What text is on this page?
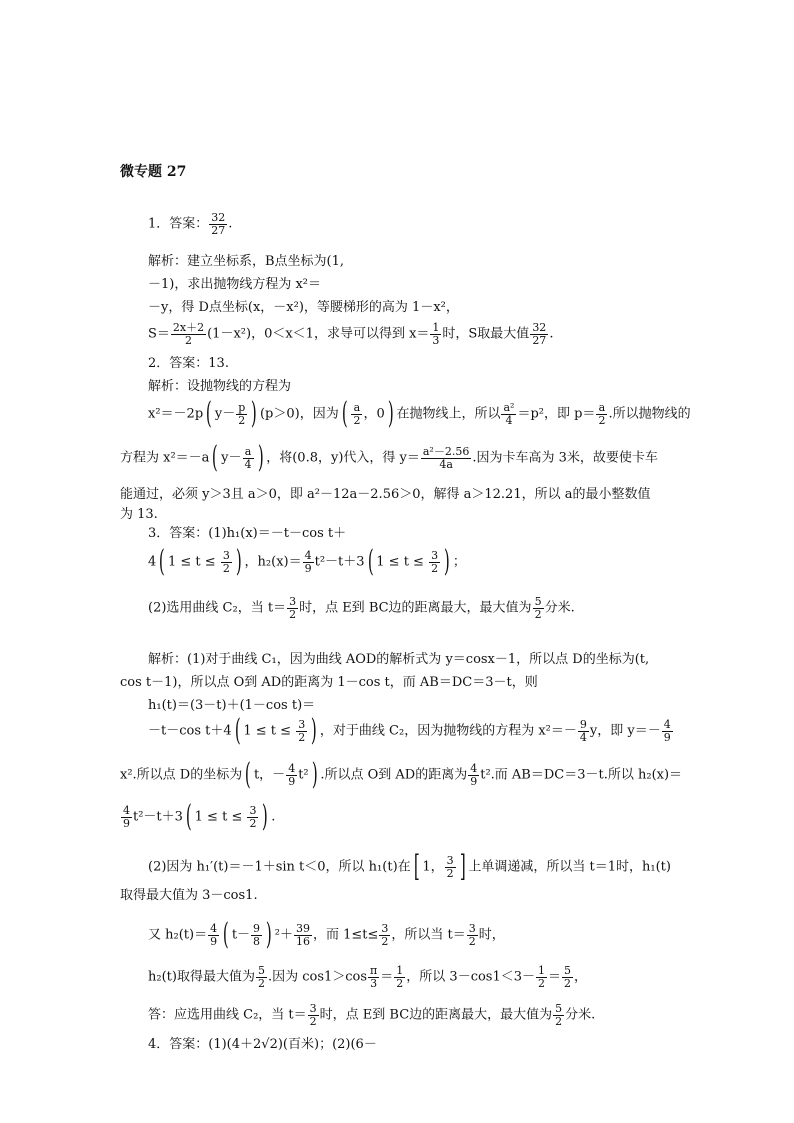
微专题 27
1．答案： $\frac{32}{27}$ .
解析：建立坐标系，B点坐标为(1,
－1)，求出抛物线方程为 x²＝
－y，得 D点坐标(x，－x²)，等腰梯形的高为 1－x²，
$S= \frac{2x+2}{2} (1-x^2)$，0＜x＜1，求导可以得到 $x= \frac{1}{3}$ 时，S取最大值 $\frac{32}{27}$ .
2．答案：13.
解析：设抛物线的方程为
x²＝－2p( $y- \frac{p}{2}$ ) (p＞0)，因为( $\frac{a}{2}$ ，0) 在抛物线上，所以 $\frac{\text{a²}}{4} =p^2$，即 $p= \frac{a}{2}$ .所以抛物线的
方程为 x²＝－a( $y- \frac{a}{4}$ ) ，将(0.8，y)代入，得 $y= \frac{\text{a²－2.56}}{4a}$ .因为卡车高为 3米，故要使卡车
能通过，必须 y＞3且 a＞0，即 a²－12a－2.56＞0，解得 a＞12.21，所以 a的最小整数值
为 13.
3．答案：(1)h₁(x)＝－t－cos t＋
4( $1 \le t \le \frac{3}{2}$ ) ，$h_2(x)= \frac{4}{9} t^2-t+3$( $1 \le t \le \frac{3}{2}$ ) ；
(2)选用曲线 C₂，当 $t= \frac{3}{2}$ 时，点 E到 BC边的距离最大，最大值为 $\frac{5}{2}$ 分米.
解析：(1)对于曲线 C₁，因为曲线 AOD的解析式为 y＝cosx－1，所以点 D的坐标为(t,
cos t－1)，所以点 O到 AD的距离为 1－cos t，而 AB＝DC＝3－t，则
h₁(t)＝(3－t)＋(1－cos t)＝
－t－cos t＋4( $1 \le t \le \frac{3}{2}$ ) ，对于曲线 C₂，因为抛物线的方程为 $x^2=- \frac{9}{4}$ y，即 $y=- \frac{4}{9}$
x².所以点 D的坐标为( t，－ $\frac{4}{9} t^2$) .所以点 O到 AD的距离为 $\frac{4}{9} t^2$.而 AB＝DC＝3－t.所以 h₂(x)＝
$\frac{4}{9} t^2-t+3$( $1 \le t \le \frac{3}{2}$ ) .
(2)因为 h₁′(t)＝－1＋sin t＜0，所以 h₁(t)在[ 1， $\frac{3}{2}$ ] 上单调递减，所以当 t＝1时，h₁(t)
取得最大值为 3－cos1.
又 $h_2(t)= \frac{4}{9}$ ( $t- \frac{9}{8}$ ) $^2+ \frac{39}{16}$ ，而 $1\le t\le \frac{3}{2}$ ，所以当 $t= \frac{3}{2}$ 时，
h₂(t)取得最大值为 $\frac{5}{2}$ .因为 $\cos 1>\cos \frac{\pi}{3} = \frac{1}{2}$ ，所以 $3-\cos 1<3- \frac{1}{2} = \frac{5}{2}$ ，
答：应选用曲线 C₂，当 $t= \frac{3}{2}$ 时，点 E到 BC边的距离最大，最大值为 $\frac{5}{2}$ 分米.
4．答案：(1)(4＋2√2)(百米)；(2)(6－
